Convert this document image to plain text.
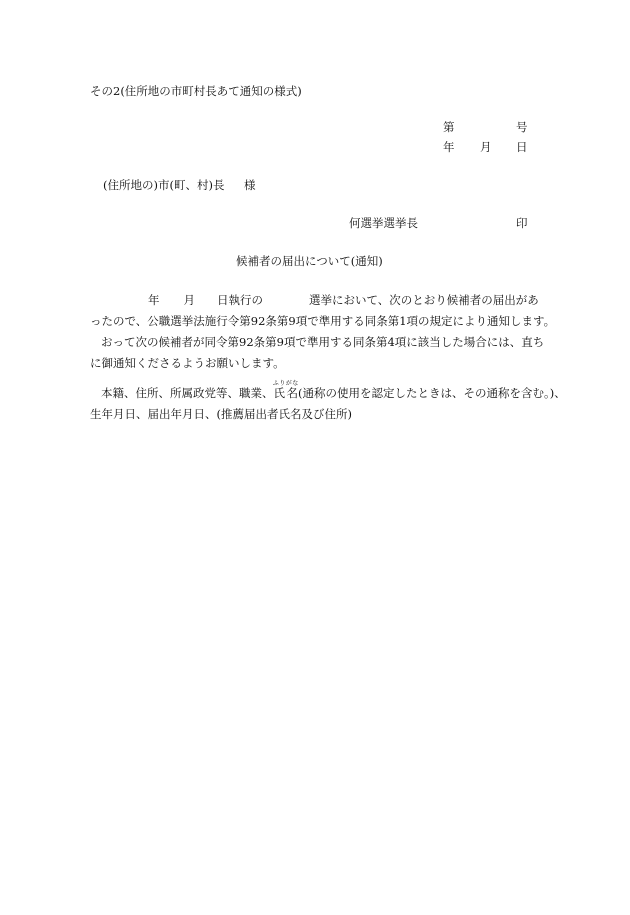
その2(住所地の市町村長あて通知の様式)
第	号
年 月 日
(住所地の)市(町、村)長 様
何選挙選挙長	印
候補者の届出について(通知)
年 月 日執行の	選挙において、次のとおり候補者の届出があ
ったので、公職選挙法施行令第92条第9項で準用する同条第1項の規定により通知します。
おって次の候補者が同令第92条第9項で準用する同条第4項に該当した場合には、直ち
に御通知くださるようお願いします。
本籍、住所、所属政党等、職業、氏名ふりがな(通称の使用を認定したときは、その通称を含む。)、
生年月日、届出年月日、(推薦届出者氏名及び住所)
